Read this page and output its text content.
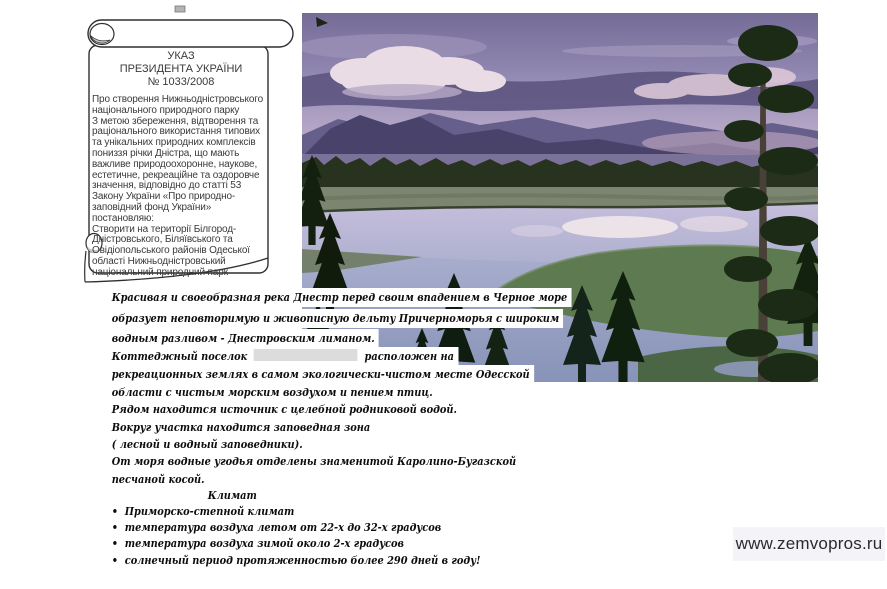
УКАЗ
ПРЕЗИДЕНТА УКРАЇНИ
№ 1033/2008
Про створення Нижньодністровського національного природного парку
З метою збереження, відтворення та раціонального використання типових та унікальних природних комплексів пониззя річки Дністра, що мають важливе природоохоронне, наукове, естетичне, рекреаційне та оздоровче значення, відповідно до статті 53 Закону України «Про природно-заповідний фонд України» постановляю:
Створити на території Білгород- Дністровського, Біляївського та Овідіопольського районів Одеської області Нижньодністровський національний природний парк
Красивая и своеобразная река Днестр перед своим впадением в Черное море
образует неповторимую и живописную дельту Причерноморья с широким
водным разливом - Днестровским лиманом.
Коттеджный поселок	расположен на
рекреационных землях в самом экологически-чистом месте Одесской
области с чистым морским воздухом и пением птиц.
Рядом находится источник с целебной родниковой водой.
Вокруг участка находится заповедная зона
( лесной и водный заповедники).
От моря водные угодья отделены знаменитой Каролино-Бугазской
песчаной косой.
Климат
• Приморско-степной климат
• температура воздуха летом от 22-х до 32-х градусов
• температура воздуха зимой около 2-х градусов
• солнечный период протяженностью более 290 дней в году!
www.zemvopros.ru
